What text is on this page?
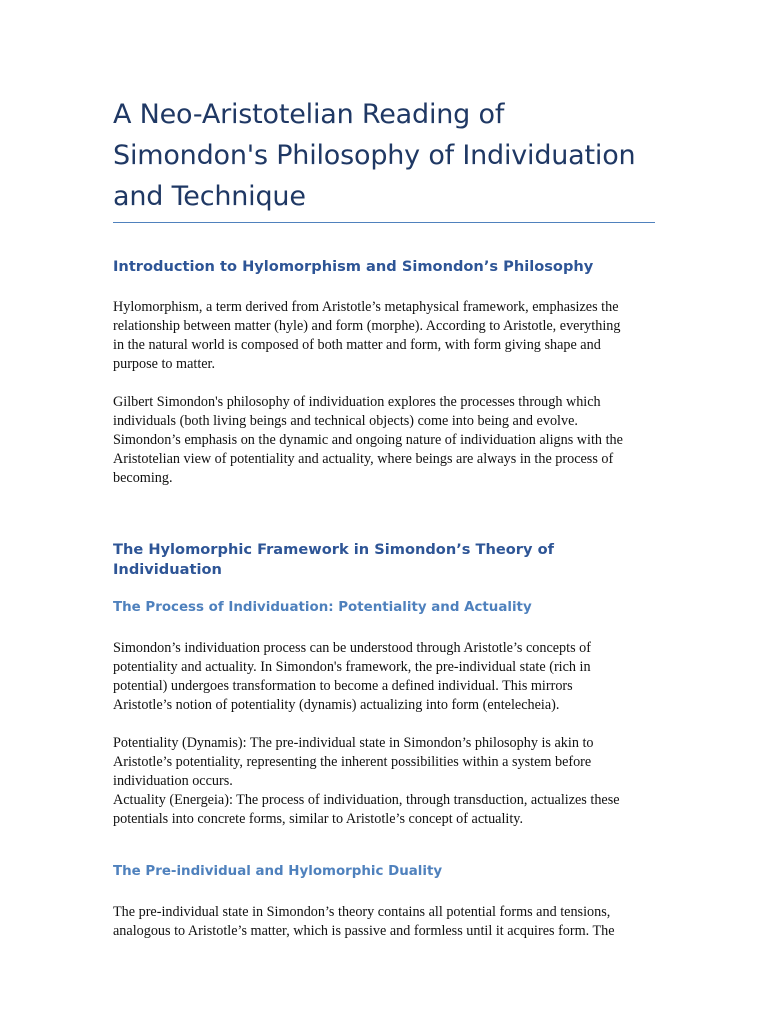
A Neo-Aristotelian Reading of
Simondon's Philosophy of Individuation
and Technique
Introduction to Hylomorphism and Simondon’s Philosophy

Hylomorphism, a term derived from Aristotle’s metaphysical framework, emphasizes the
relationship between matter (hyle) and form (morphe). According to Aristotle, everything
in the natural world is composed of both matter and form, with form giving shape and
purpose to matter.

Gilbert Simondon's philosophy of individuation explores the processes through which
individuals (both living beings and technical objects) come into being and evolve.
Simondon’s emphasis on the dynamic and ongoing nature of individuation aligns with the
Aristotelian view of potentiality and actuality, where beings are always in the process of
becoming.

The Hylomorphic Framework in Simondon’s Theory of Individuation
The Process of Individuation: Potentiality and Actuality

Simondon’s individuation process can be understood through Aristotle’s concepts of
potentiality and actuality. In Simondon's framework, the pre-individual state (rich in
potential) undergoes transformation to become a defined individual. This mirrors
Aristotle’s notion of potentiality (dynamis) actualizing into form (entelecheia).

Potentiality (Dynamis): The pre-individual state in Simondon’s philosophy is akin to
Aristotle’s potentiality, representing the inherent possibilities within a system before
individuation occurs.
Actuality (Energeia): The process of individuation, through transduction, actualizes these
potentials into concrete forms, similar to Aristotle’s concept of actuality.

The Pre-individual and Hylomorphic Duality

The pre-individual state in Simondon’s theory contains all potential forms and tensions,
analogous to Aristotle’s matter, which is passive and formless until it acquires form. The
